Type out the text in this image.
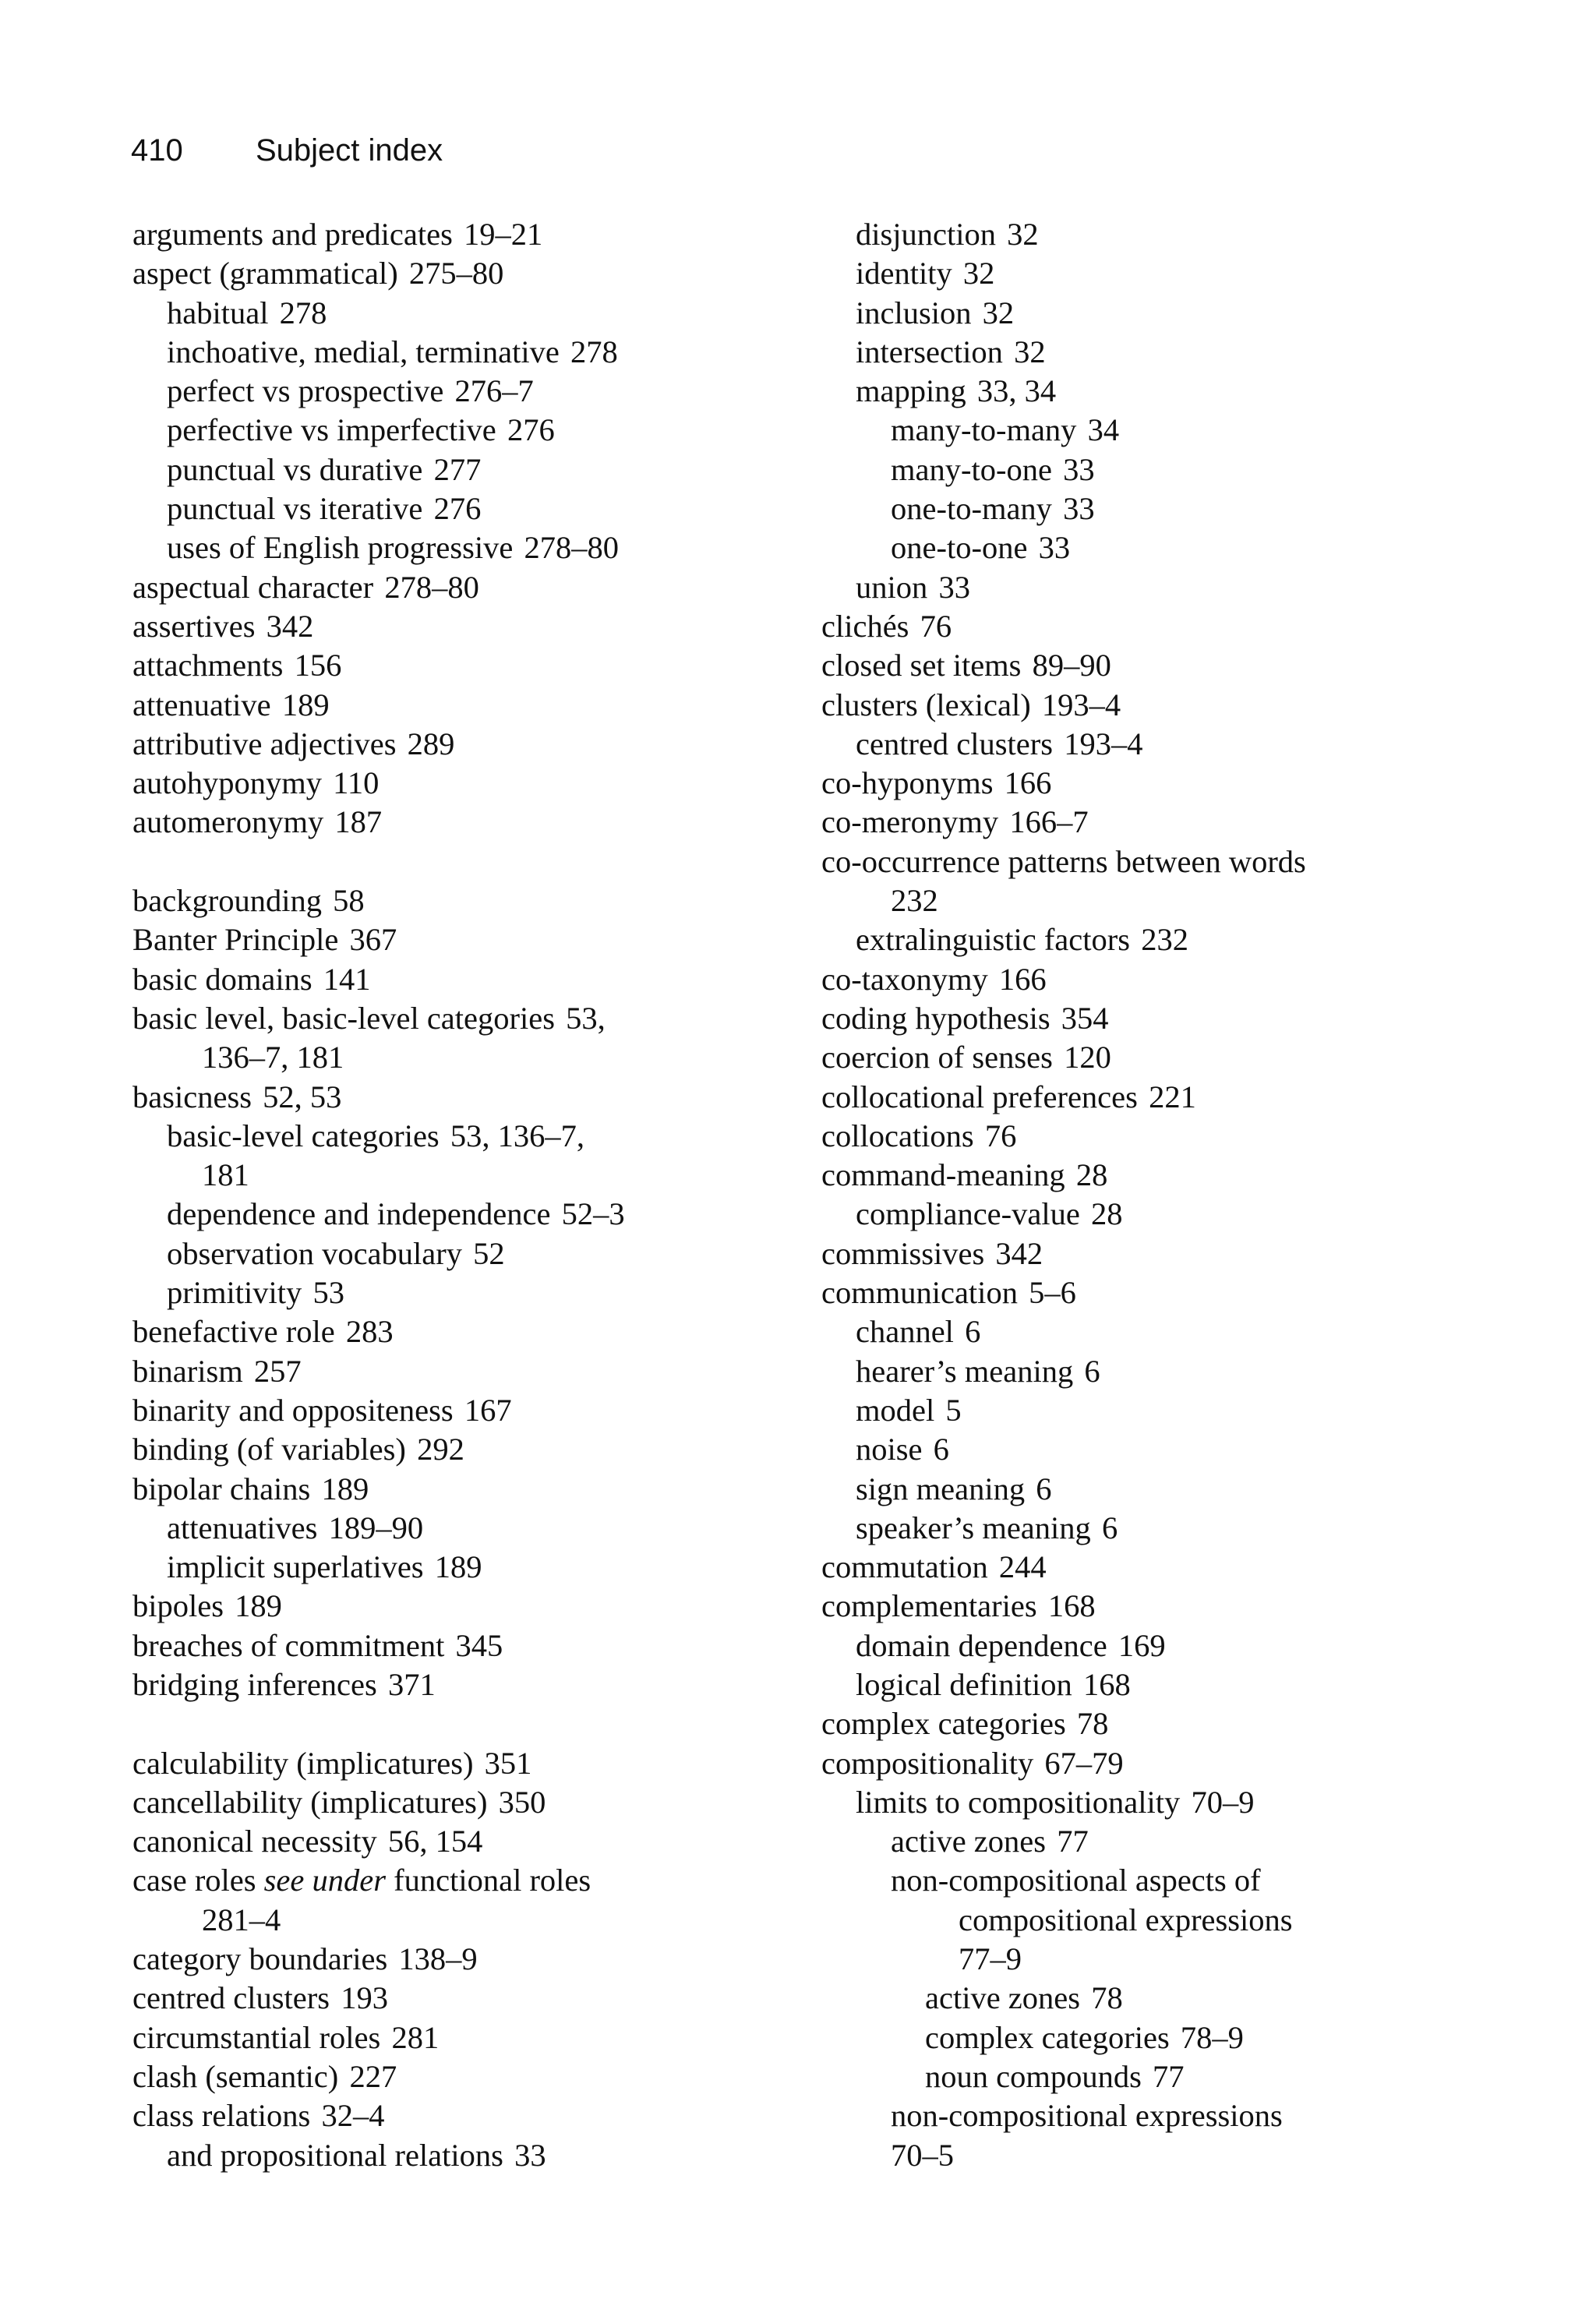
410 Subject index
arguments and predicates 19–21
aspect (grammatical) 275–80
habitual 278
inchoative, medial, terminative 278
perfect vs prospective 276–7
perfective vs imperfective 276
punctual vs durative 277
punctual vs iterative 276
uses of English progressive 278–80
aspectual character 278–80
assertives 342
attachments 156
attenuative 189
attributive adjectives 289
autohyponymy 110
automeronymy 187
backgrounding 58
Banter Principle 367
basic domains 141
basic level, basic-level categories 53,
136–7, 181
basicness 52, 53
basic-level categories 53, 136–7,
181
dependence and independence 52–3
observation vocabulary 52
primitivity 53
benefactive role 283
binarism 257
binarity and oppositeness 167
binding (of variables) 292
bipolar chains 189
attenuatives 189–90
implicit superlatives 189
bipoles 189
breaches of commitment 345
bridging inferences 371
calculability (implicatures) 351
cancellability (implicatures) 350
canonical necessity 56, 154
case roles see under functional roles
281–4
category boundaries 138–9
centred clusters 193
circumstantial roles 281
clash (semantic) 227
class relations 32–4
and propositional relations 33
disjunction 32
identity 32
inclusion 32
intersection 32
mapping 33, 34
many-to-many 34
many-to-one 33
one-to-many 33
one-to-one 33
union 33
clichés 76
closed set items 89–90
clusters (lexical) 193–4
centred clusters 193–4
co-hyponyms 166
co-meronymy 166–7
co-occurrence patterns between words
232
extralinguistic factors 232
co-taxonymy 166
coding hypothesis 354
coercion of senses 120
collocational preferences 221
collocations 76
command-meaning 28
compliance-value 28
commissives 342
communication 5–6
channel 6
hearer’s meaning 6
model 5
noise 6
sign meaning 6
speaker’s meaning 6
commutation 244
complementaries 168
domain dependence 169
logical definition 168
complex categories 78
compositionality 67–79
limits to compositionality 70–9
active zones 77
non-compositional aspects of
compositional expressions
77–9
active zones 78
complex categories 78–9
noun compounds 77
non-compositional expressions
70–5
